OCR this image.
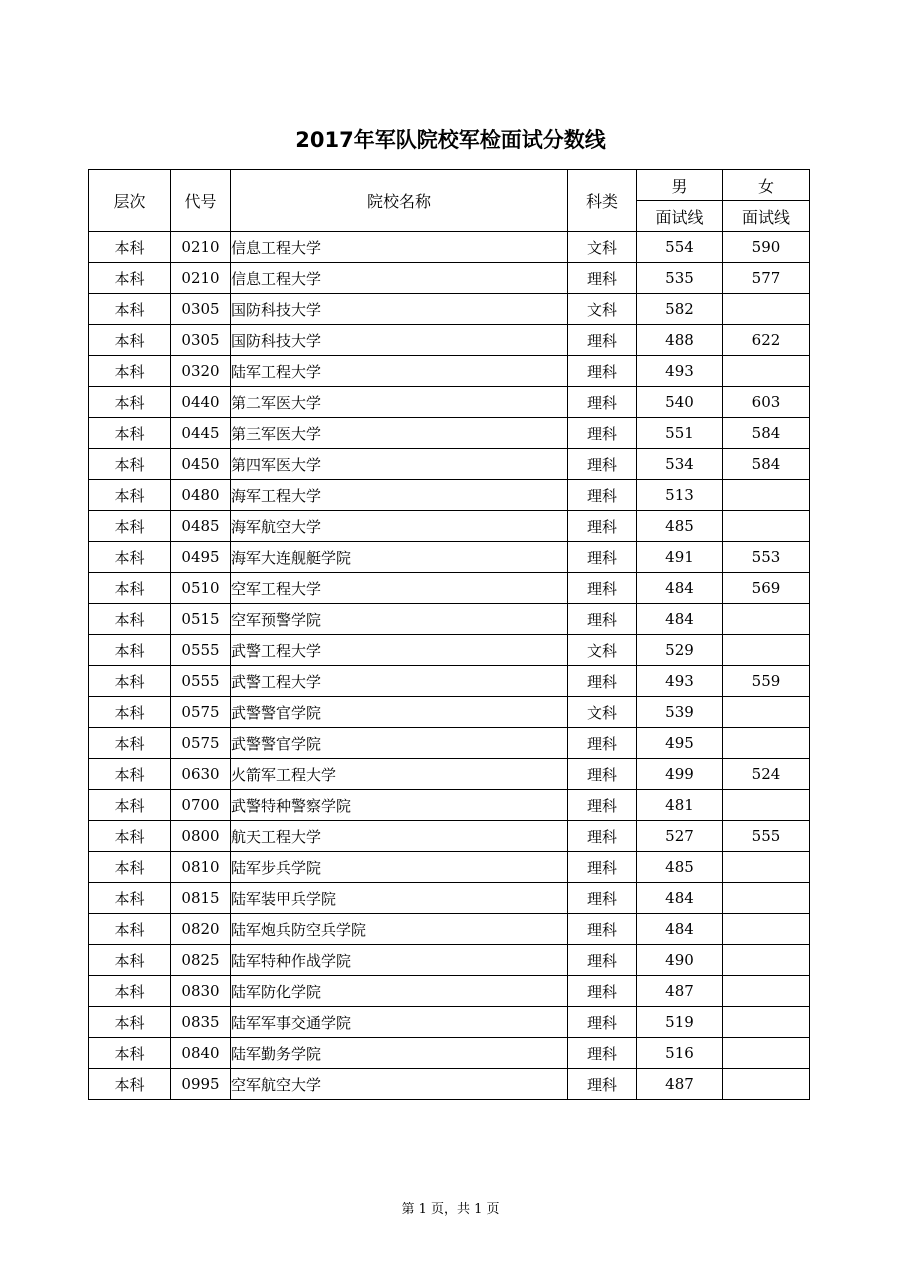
2017年军队院校军检面试分数线
层次	代号	院校名称	科类	男	女
				面试线	面试线
本科	0210	信息工程大学	文科	554	590
本科	0210	信息工程大学	理科	535	577
本科	0305	国防科技大学	文科	582	
本科	0305	国防科技大学	理科	488	622
本科	0320	陆军工程大学	理科	493	
本科	0440	第二军医大学	理科	540	603
本科	0445	第三军医大学	理科	551	584
本科	0450	第四军医大学	理科	534	584
本科	0480	海军工程大学	理科	513	
本科	0485	海军航空大学	理科	485	
本科	0495	海军大连舰艇学院	理科	491	553
本科	0510	空军工程大学	理科	484	569
本科	0515	空军预警学院	理科	484	
本科	0555	武警工程大学	文科	529	
本科	0555	武警工程大学	理科	493	559
本科	0575	武警警官学院	文科	539	
本科	0575	武警警官学院	理科	495	
本科	0630	火箭军工程大学	理科	499	524
本科	0700	武警特种警察学院	理科	481	
本科	0800	航天工程大学	理科	527	555
本科	0810	陆军步兵学院	理科	485	
本科	0815	陆军装甲兵学院	理科	484	
本科	0820	陆军炮兵防空兵学院	理科	484	
本科	0825	陆军特种作战学院	理科	490	
本科	0830	陆军防化学院	理科	487	
本科	0835	陆军军事交通学院	理科	519	
本科	0840	陆军勤务学院	理科	516	
本科	0995	空军航空大学	理科	487	
第 1 页，共 1 页
